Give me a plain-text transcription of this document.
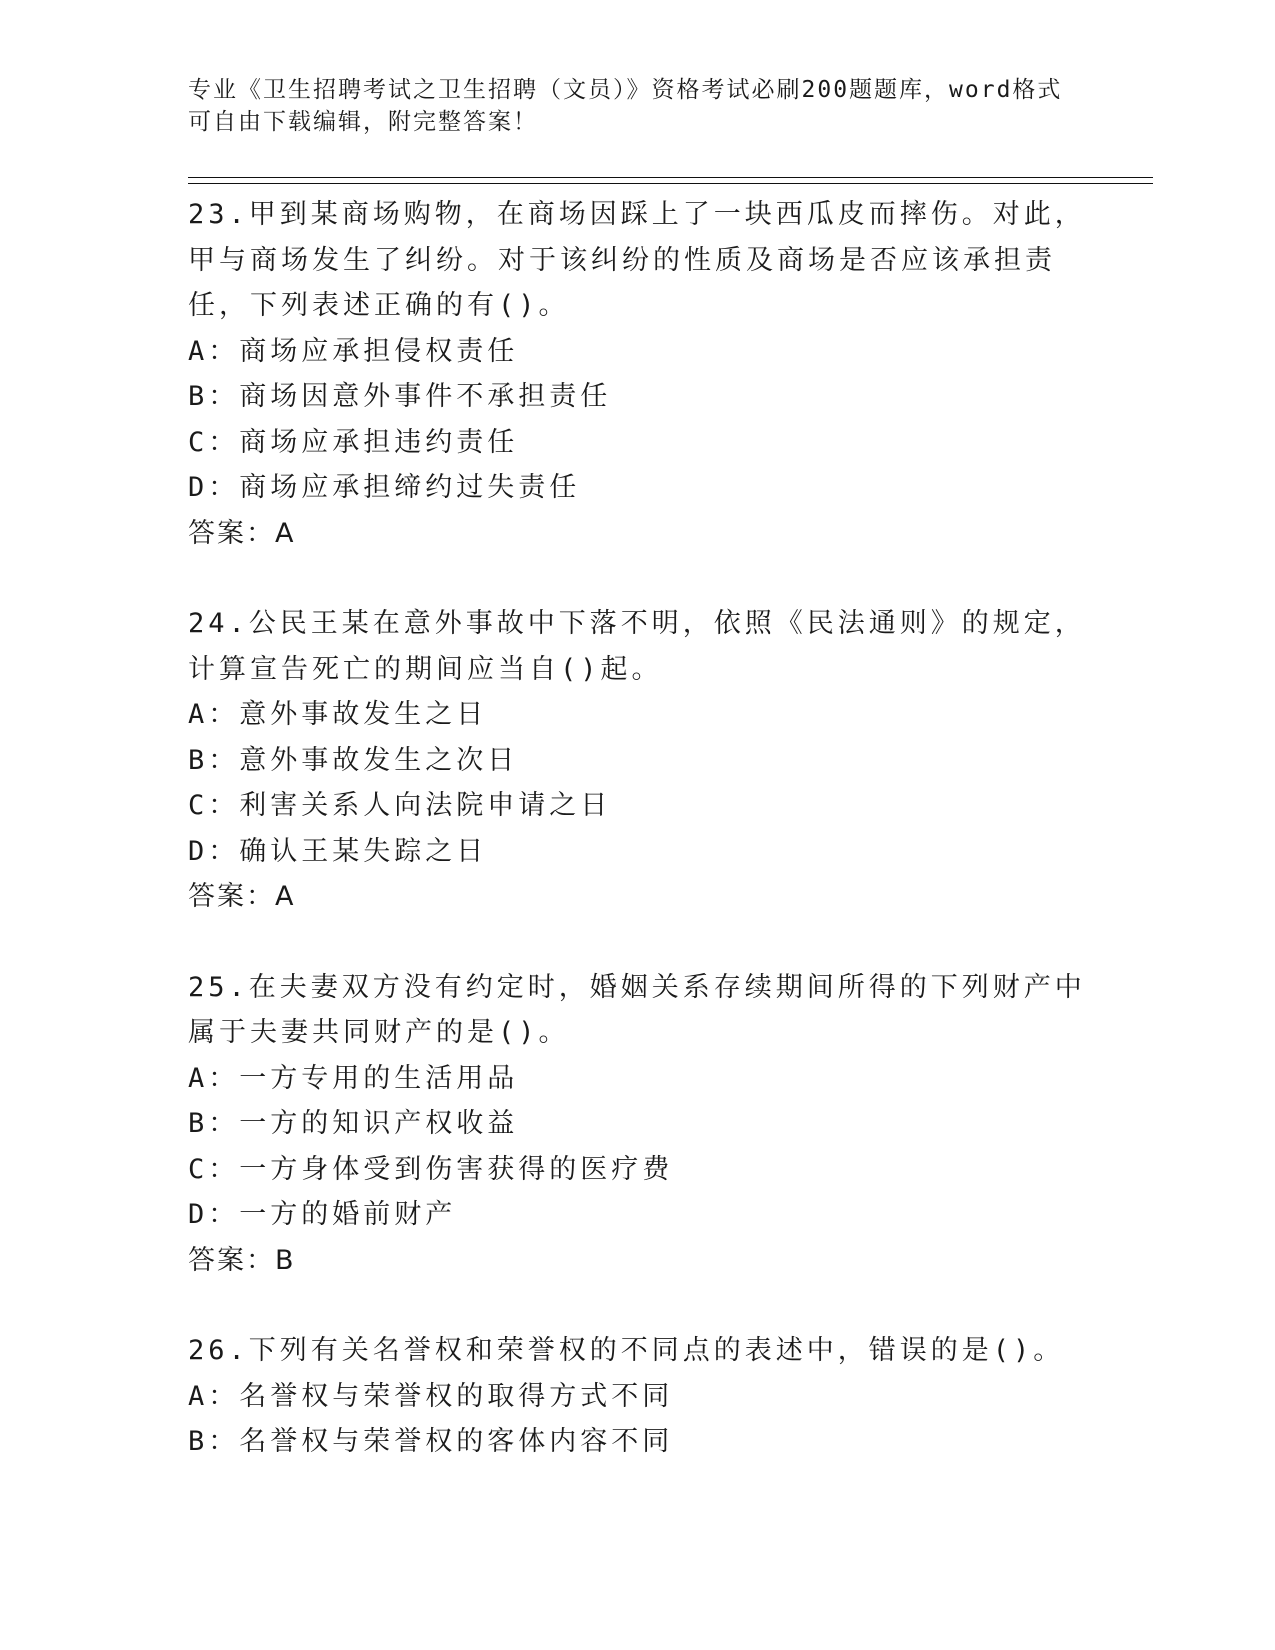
专业《卫生招聘考试之卫生招聘（文员）》资格考试必刷200题题库，word格式可自由下载编辑，附完整答案！
23.甲到某商场购物，在商场因踩上了一块西瓜皮而摔伤。对此，甲与商场发生了纠纷。对于该纠纷的性质及商场是否应该承担责任，下列表述正确的有()。
A：商场应承担侵权责任
B：商场因意外事件不承担责任
C：商场应承担违约责任
D：商场应承担缔约过失责任
答案：A
24.公民王某在意外事故中下落不明，依照《民法通则》的规定，计算宣告死亡的期间应当自()起。
A：意外事故发生之日
B：意外事故发生之次日
C：利害关系人向法院申请之日
D：确认王某失踪之日
答案：A
25.在夫妻双方没有约定时，婚姻关系存续期间所得的下列财产中属于夫妻共同财产的是()。
A：一方专用的生活用品
B：一方的知识产权收益
C：一方身体受到伤害获得的医疗费
D：一方的婚前财产
答案：B
26.下列有关名誉权和荣誉权的不同点的表述中，错误的是()。
A：名誉权与荣誉权的取得方式不同
B：名誉权与荣誉权的客体内容不同
